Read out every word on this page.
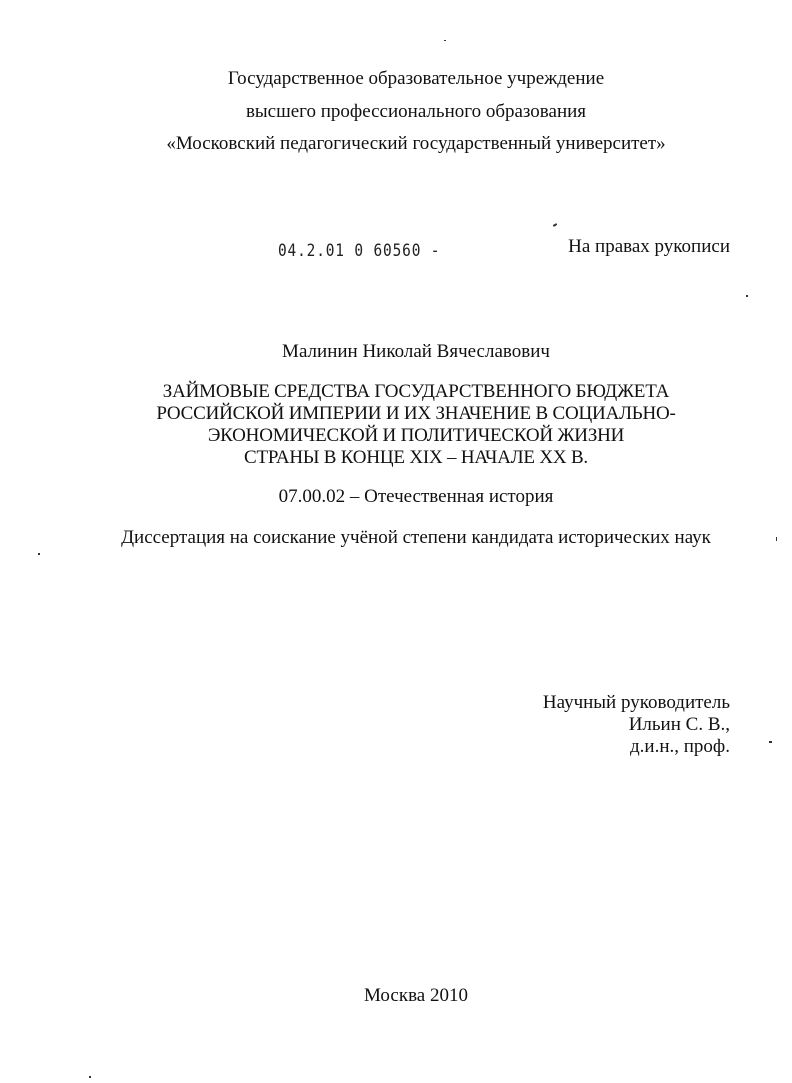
Государственное образовательное учреждение
высшего профессионального образования
«Московский педагогический государственный университет»
04.2.01 0 60560 -	На правах рукописи
Малинин Николай Вячеславович
ЗАЙМОВЫЕ СРЕДСТВА ГОСУДАРСТВЕННОГО БЮДЖЕТА
РОССИЙСКОЙ ИМПЕРИИ И ИХ ЗНАЧЕНИЕ В СОЦИАЛЬНО-
ЭКОНОМИЧЕСКОЙ И ПОЛИТИЧЕСКОЙ ЖИЗНИ
СТРАНЫ В КОНЦЕ XIX – НАЧАЛЕ XX В.
07.00.02 – Отечественная история
Диссертация на соискание учёной степени кандидата исторических наук
Научный руководитель
Ильин С. В.,
д.и.н., проф.
Москва 2010
